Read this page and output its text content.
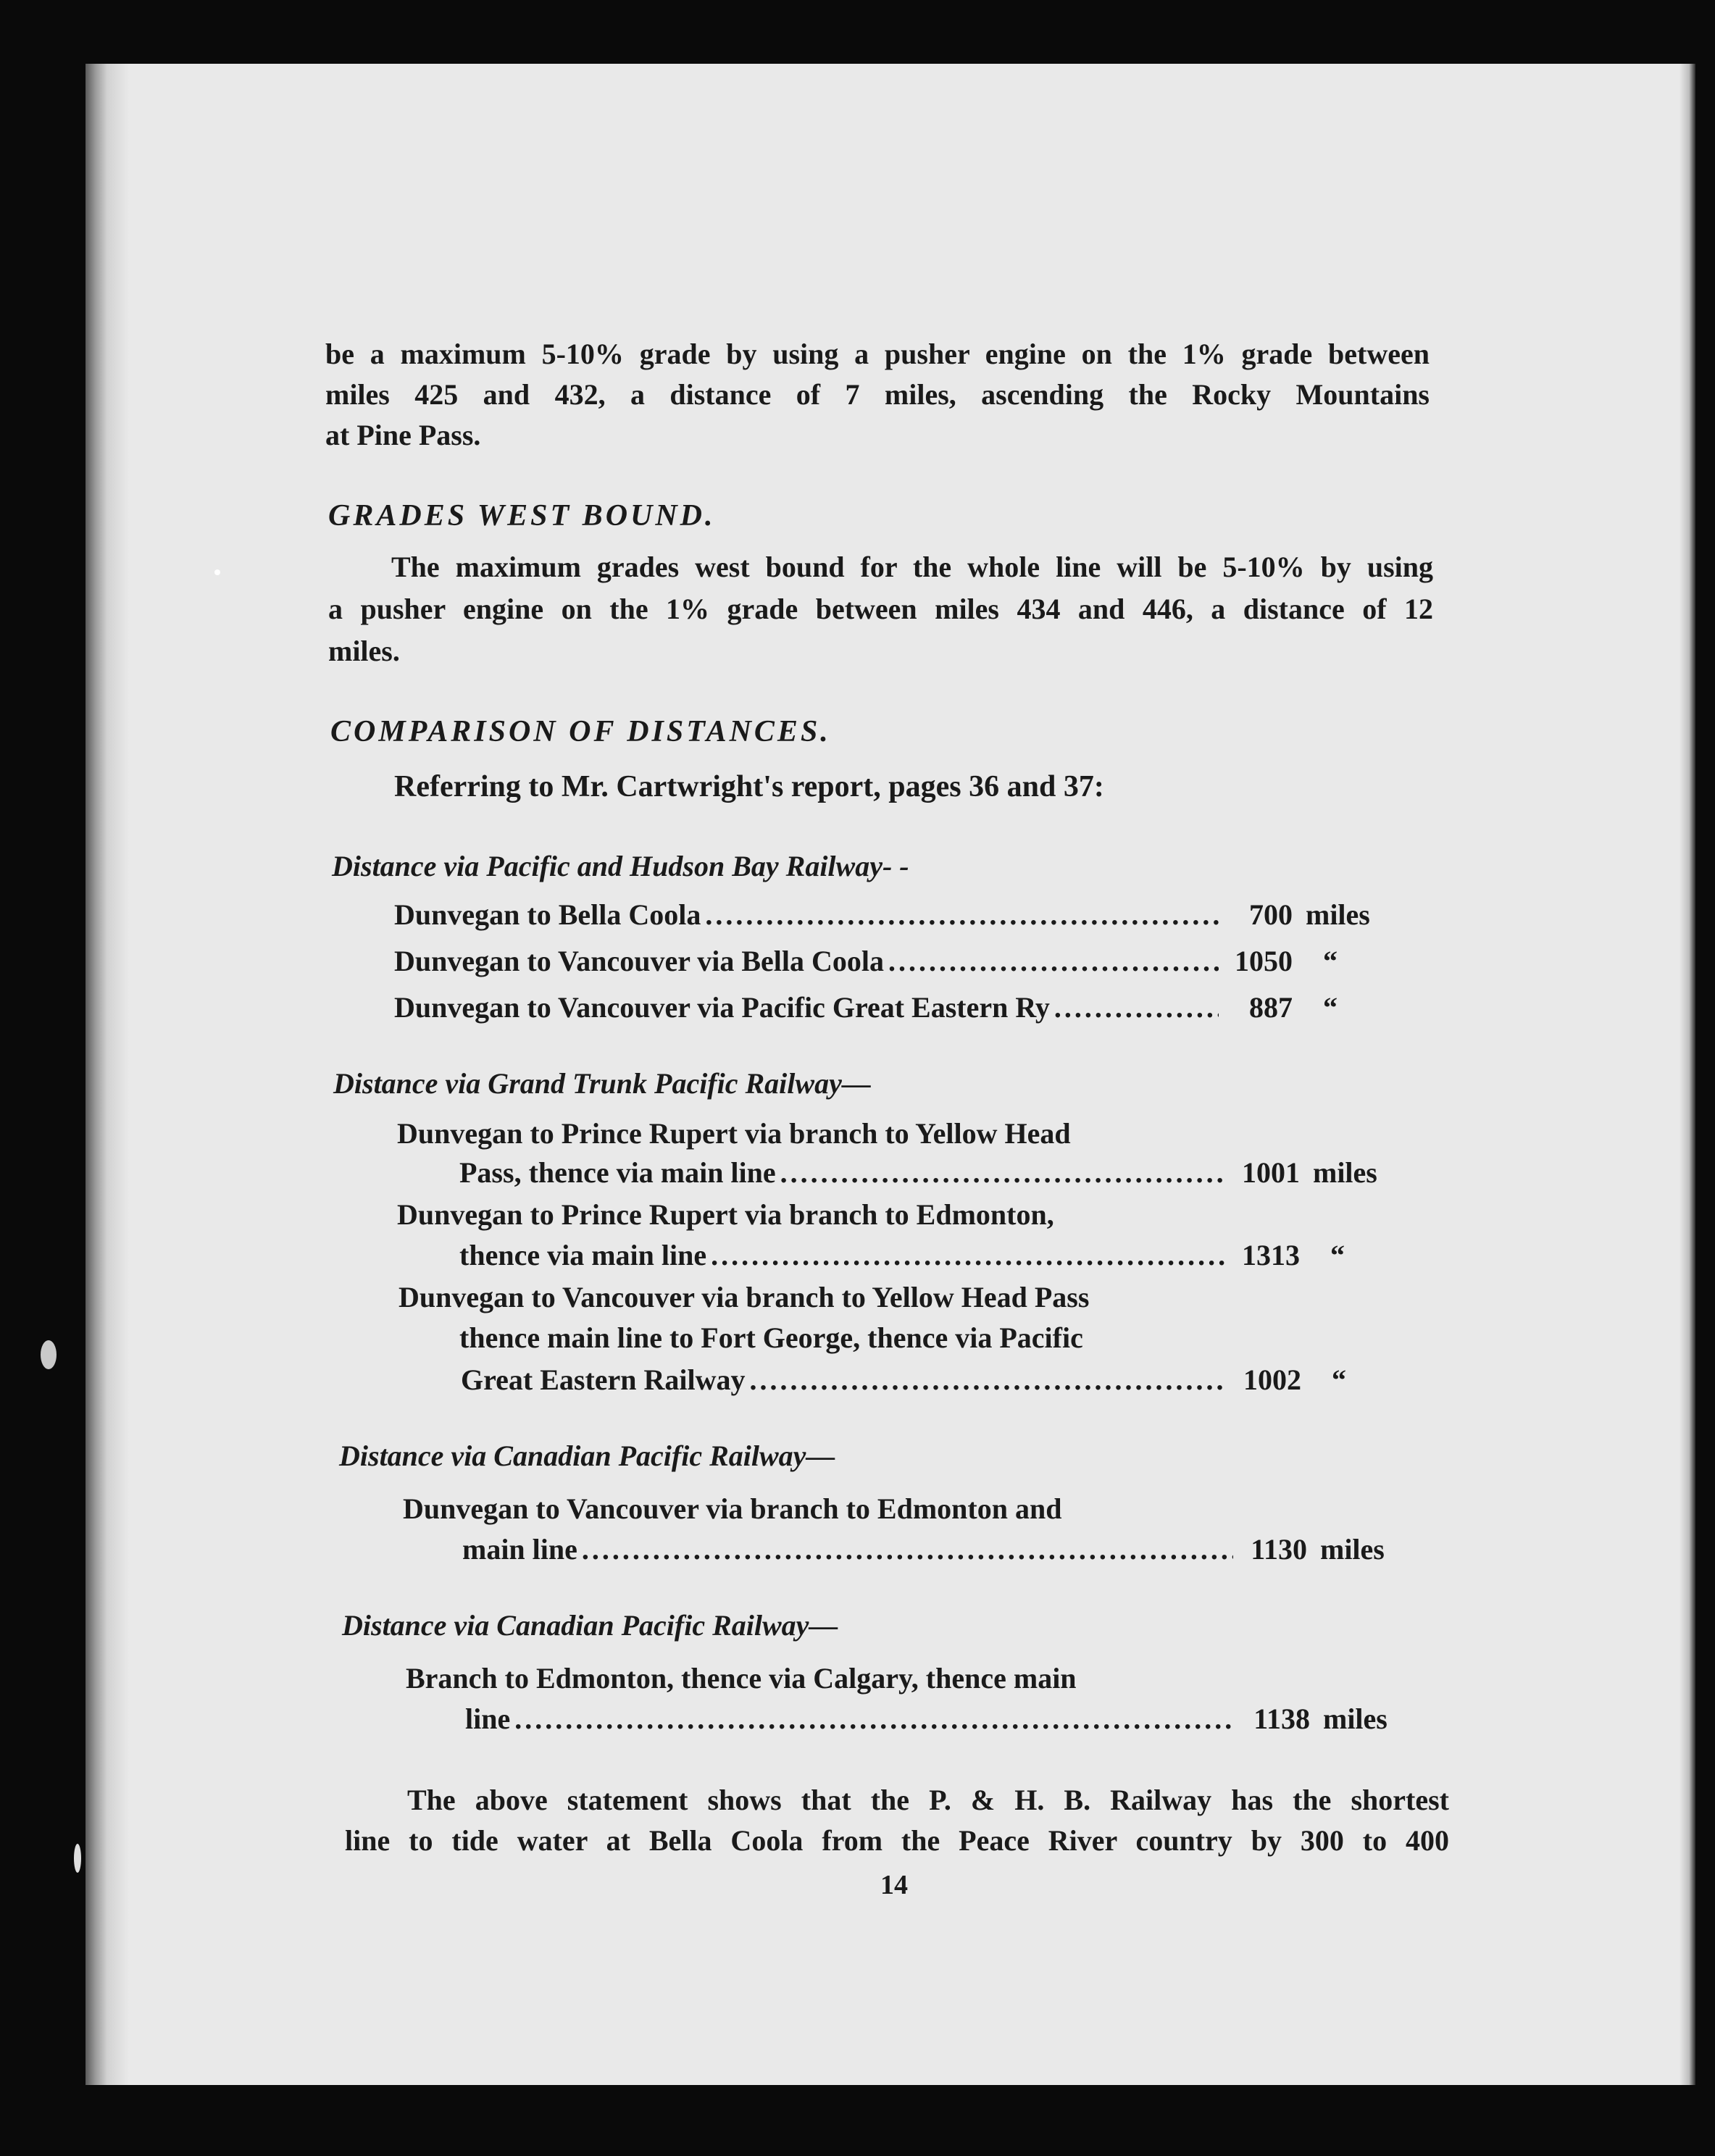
be a maximum 5-10% grade by using a pusher engine on the 1% grade between
miles 425 and 432, a distance of 7 miles, ascending the Rocky Mountains
at Pine Pass.
GRADES WEST BOUND.
The maximum grades west bound for the whole line will be 5-10% by using
a pusher engine on the 1% grade between miles 434 and 446, a distance of 12
miles.
COMPARISON OF DISTANCES.
Referring to Mr. Cartwright's report, pages 36 and 37:
Distance via Pacific and Hudson Bay Railway- -
Dunvegan to Bella Coola .....	700 miles
Dunvegan to Vancouver via Bella Coola .....	1050	“
Dunvegan to Vancouver via Pacific Great Eastern Ry .....	887	“
Distance via Grand Trunk Pacific Railway—
Dunvegan to Prince Rupert via branch to Yellow Head
Pass, thence via main line .....	1001 miles
Dunvegan to Prince Rupert via branch to Edmonton,
thence via main line .....	1313	“
Dunvegan to Vancouver via branch to Yellow Head Pass
thence main line to Fort George, thence via Pacific
Great Eastern Railway .....	1002	“
Distance via Canadian Pacific Railway—
Dunvegan to Vancouver via branch to Edmonton and
main line .....	1130 miles
Distance via Canadian Pacific Railway—
Branch to Edmonton, thence via Calgary, thence main
line .....	1138 miles
The above statement shows that the P. & H. B. Railway has the shortest
line to tide water at Bella Coola from the Peace River country by 300 to 400
14
